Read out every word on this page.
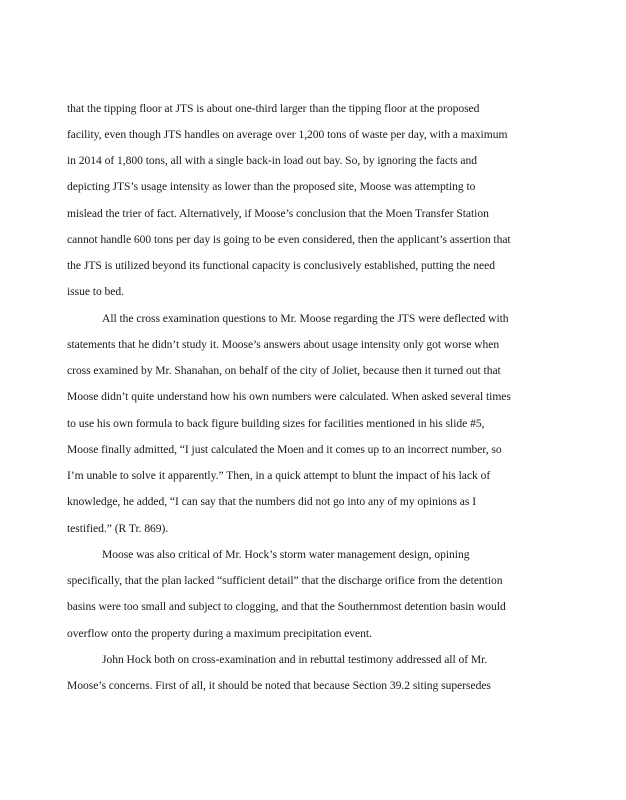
that the tipping floor at JTS is about one-third larger than the tipping floor at the proposed
facility, even though JTS handles on average over 1,200 tons of waste per day, with a maximum
in 2014 of 1,800 tons, all with a single back-in load out bay. So, by ignoring the facts and
depicting JTS’s usage intensity as lower than the proposed site, Moose was attempting to
mislead the trier of fact. Alternatively, if Moose’s conclusion that the Moen Transfer Station
cannot handle 600 tons per day is going to be even considered, then the applicant’s assertion that
the JTS is utilized beyond its functional capacity is conclusively established, putting the need
issue to bed.
All the cross examination questions to Mr. Moose regarding the JTS were deflected with
statements that he didn’t study it. Moose’s answers about usage intensity only got worse when
cross examined by Mr. Shanahan, on behalf of the city of Joliet, because then it turned out that
Moose didn’t quite understand how his own numbers were calculated. When asked several times
to use his own formula to back figure building sizes for facilities mentioned in his slide #5,
Moose finally admitted, “I just calculated the Moen and it comes up to an incorrect number, so
I’m unable to solve it apparently.” Then, in a quick attempt to blunt the impact of his lack of
knowledge, he added, “I can say that the numbers did not go into any of my opinions as I
testified.” (R Tr. 869).
Moose was also critical of Mr. Hock’s storm water management design, opining
specifically, that the plan lacked “sufficient detail” that the discharge orifice from the detention
basins were too small and subject to clogging, and that the Southernmost detention basin would
overflow onto the property during a maximum precipitation event.
John Hock both on cross-examination and in rebuttal testimony addressed all of Mr.
Moose’s concerns. First of all, it should be noted that because Section 39.2 siting supersedes
